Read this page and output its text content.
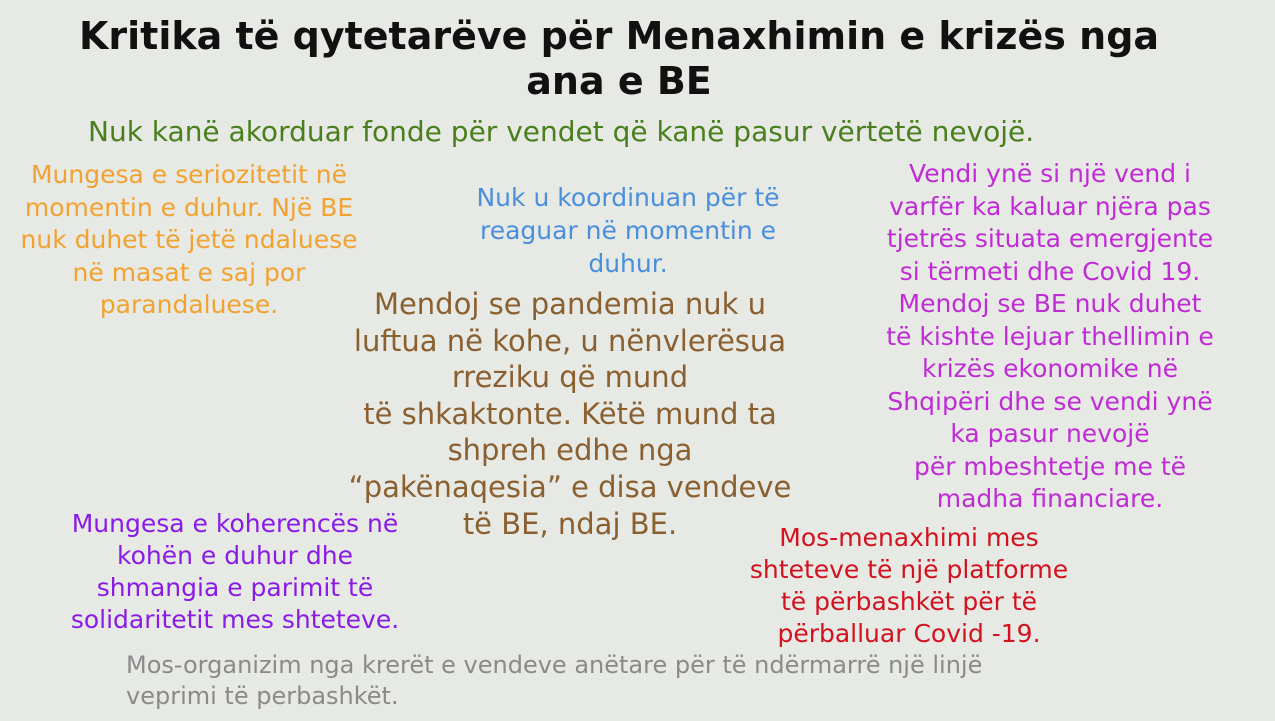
Kritika të qytetarëve për Menaxhimin e krizës nga
ana e BE

Nuk kanë akorduar fonde për vendet që kanë pasur vërtetë nevojë.

Mungesa e seriozitetit në
momentin e duhur. Një BE
nuk duhet të jetë ndaluese
në masat e saj por
parandaluese.
Nuk u koordinuan për të
reaguar në momentin e
duhur.
Mendoj se pandemia nuk u
luftua në kohe, u nënvlerësua
rreziku që mund
të shkaktonte. Këtë mund ta
shpreh edhe nga
“pakënaqesia” e disa vendeve
të BE, ndaj BE.
Vendi ynë si një vend i
varfër ka kaluar njëra pas
tjetrës situata emergjente
si tërmeti dhe Covid 19.
Mendoj se BE nuk duhet
të kishte lejuar thellimin e
krizës ekonomike në
Shqipëri dhe se vendi ynë
ka pasur nevojë
për mbeshtetje me të
madha financiare.
Mungesa e koherencës në
kohën e duhur dhe
shmangia e parimit të
solidaritetit mes shteteve.
Mos-menaxhimi mes
shteteve të një platforme
të përbashkët për të
përballuar Covid -19.
Mos-organizim nga krerët e vendeve anëtare për të ndërmarrë një linjë
veprimi të perbashkët.
